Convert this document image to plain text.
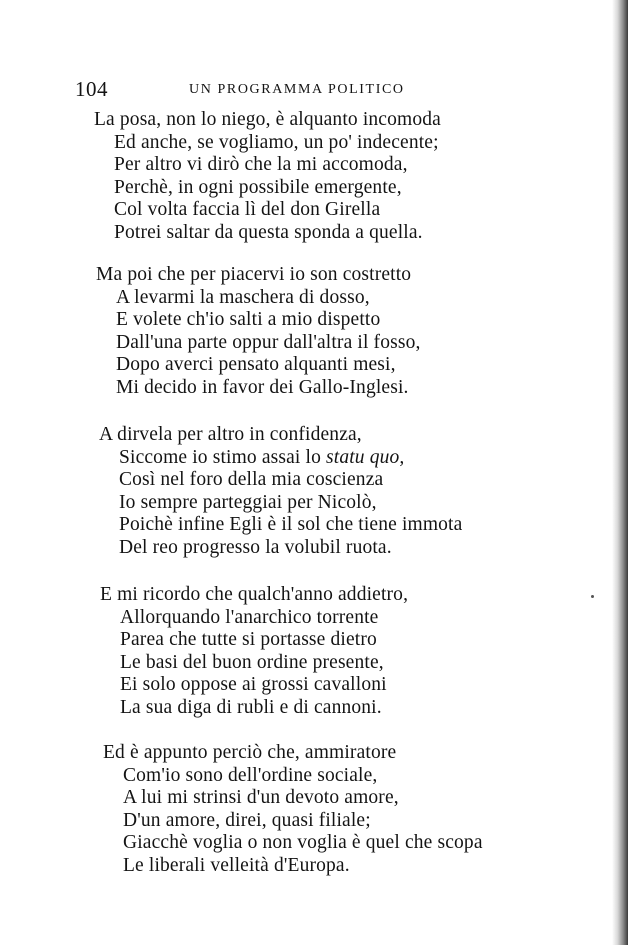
104	UN PROGRAMMA POLITICO
La posa, non lo niego, è alquanto incomoda
Ed anche, se vogliamo, un po' indecente;
Per altro vi dirò che la mi accomoda,
Perchè, in ogni possibile emergente,
Col volta faccia lì del don Girella
Potrei saltar da questa sponda a quella.
Ma poi che per piacervi io son costretto
A levarmi la maschera di dosso,
E volete ch'io salti a mio dispetto
Dall'una parte oppur dall'altra il fosso,
Dopo averci pensato alquanti mesi,
Mi decido in favor dei Gallo-Inglesi.
A dirvela per altro in confidenza,
Siccome io stimo assai lo statu quo,
Così nel foro della mia coscienza
Io sempre parteggiai per Nicolò,
Poichè infine Egli è il sol che tiene immota
Del reo progresso la volubil ruota.
E mi ricordo che qualch'anno addietro,
Allorquando l'anarchico torrente
Parea che tutte si portasse dietro
Le basi del buon ordine presente,
Ei solo oppose ai grossi cavalloni
La sua diga di rubli e di cannoni.
Ed è appunto perciò che, ammiratore
Com'io sono dell'ordine sociale,
A lui mi strinsi d'un devoto amore,
D'un amore, direi, quasi filiale;
Giacchè voglia o non voglia è quel che scopa
Le liberali velleità d'Europa.
